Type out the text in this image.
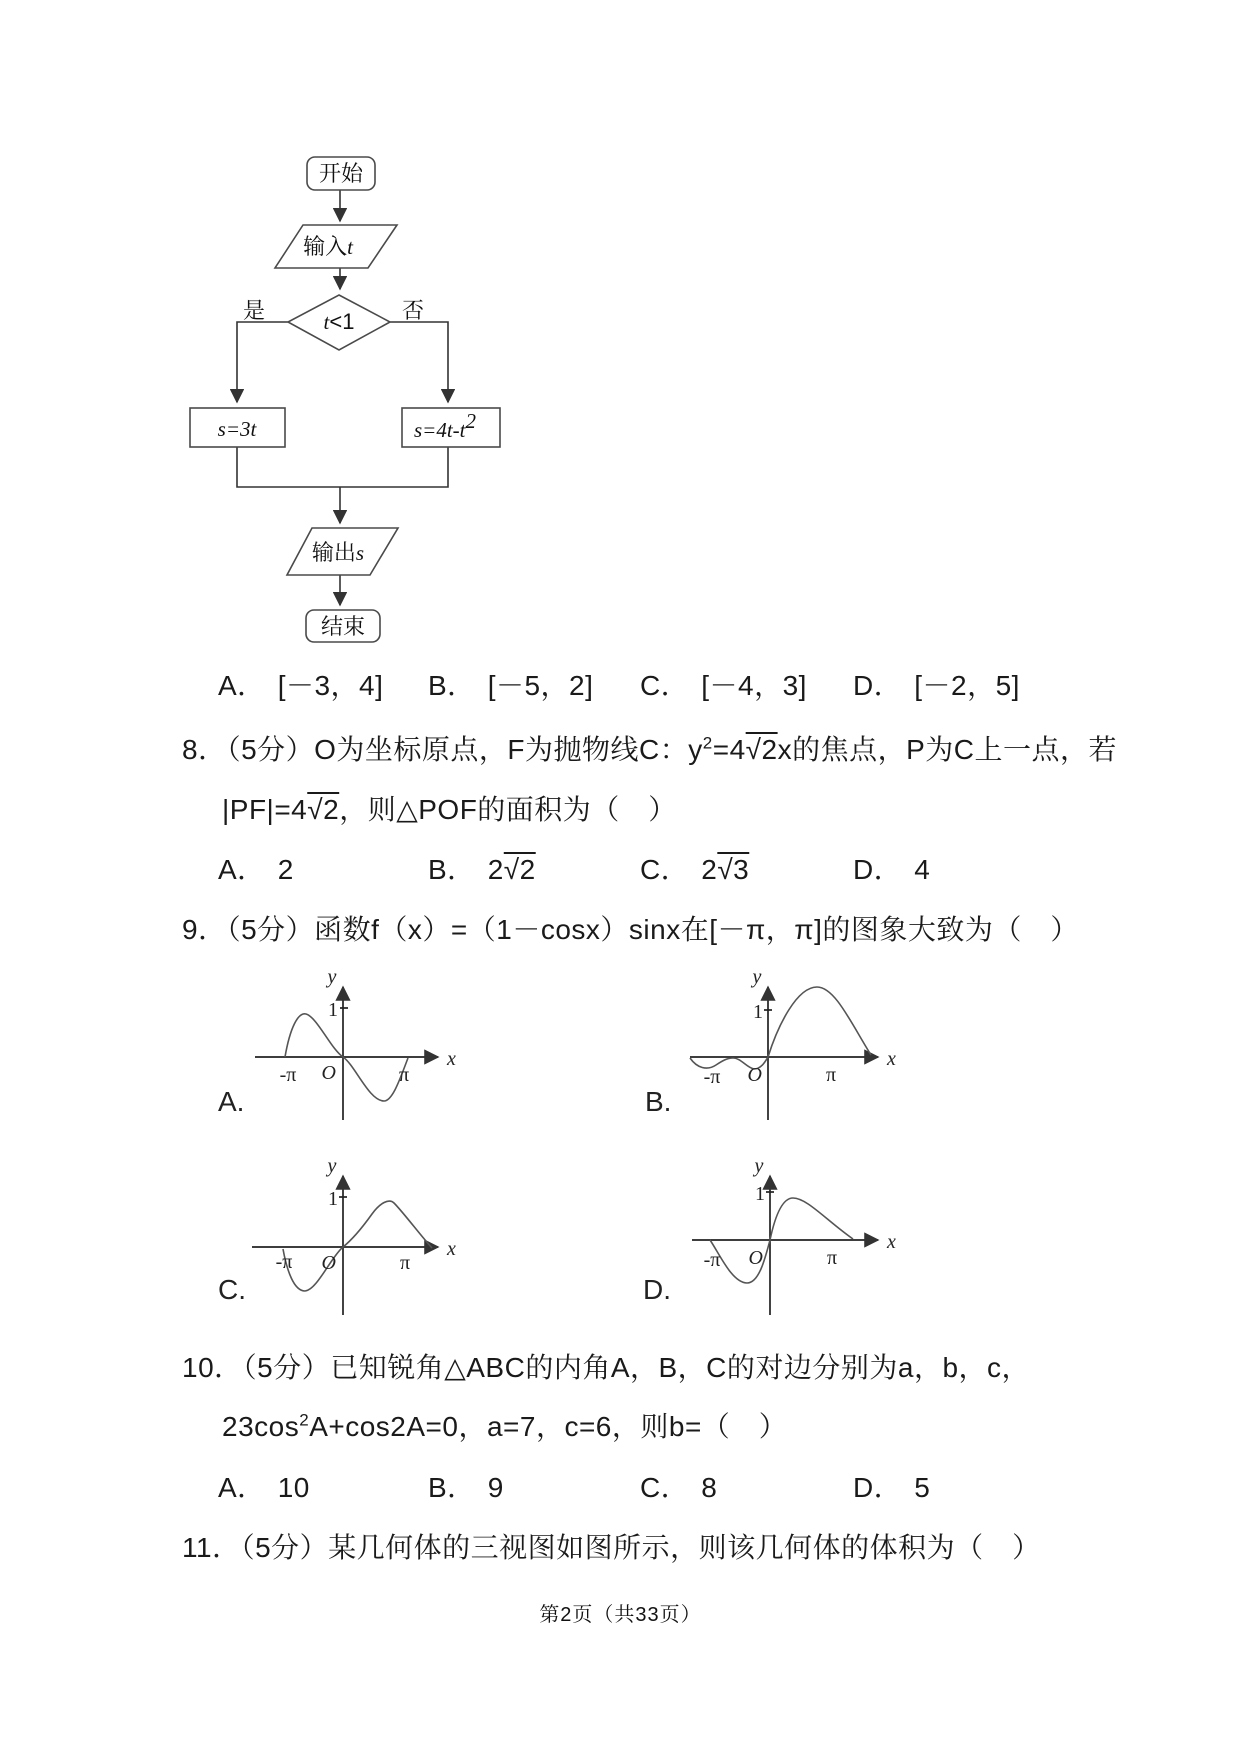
开始
输入t
t<1
是	否
s=3t	s=4t-t2
输出s
结束
A． [－3，4] B． [－5，2] C． [－4，3] D． [－2，5]
8．（5分）O为坐标原点，F为抛物线C：$y^2=4√2x$的焦点，P为C上一点，若
|PF|=4√2，则△POF的面积为（　）
A． 2	B． 2√2	C． 2√3	D． 4
9．（5分）函数f（x）=（1－cosx）sinx在[－π，π]的图象大致为（　）
y
x
1
O
-π	π
A.
y
x
1
O
-π	π
B.
y
x
1
O
-π	π
C.
y
x
1
O
-π	π
D.
10．（5分）已知锐角△ABC的内角A，B，C的对边分别为a，b，c，
$23\cos^2A+\cos 2A=0$，a=7，c=6，则b=（　）
A． 10	B． 9	C． 8	D． 5
11．（5分）某几何体的三视图如图所示，则该几何体的体积为（　）
第2页（共33页）
